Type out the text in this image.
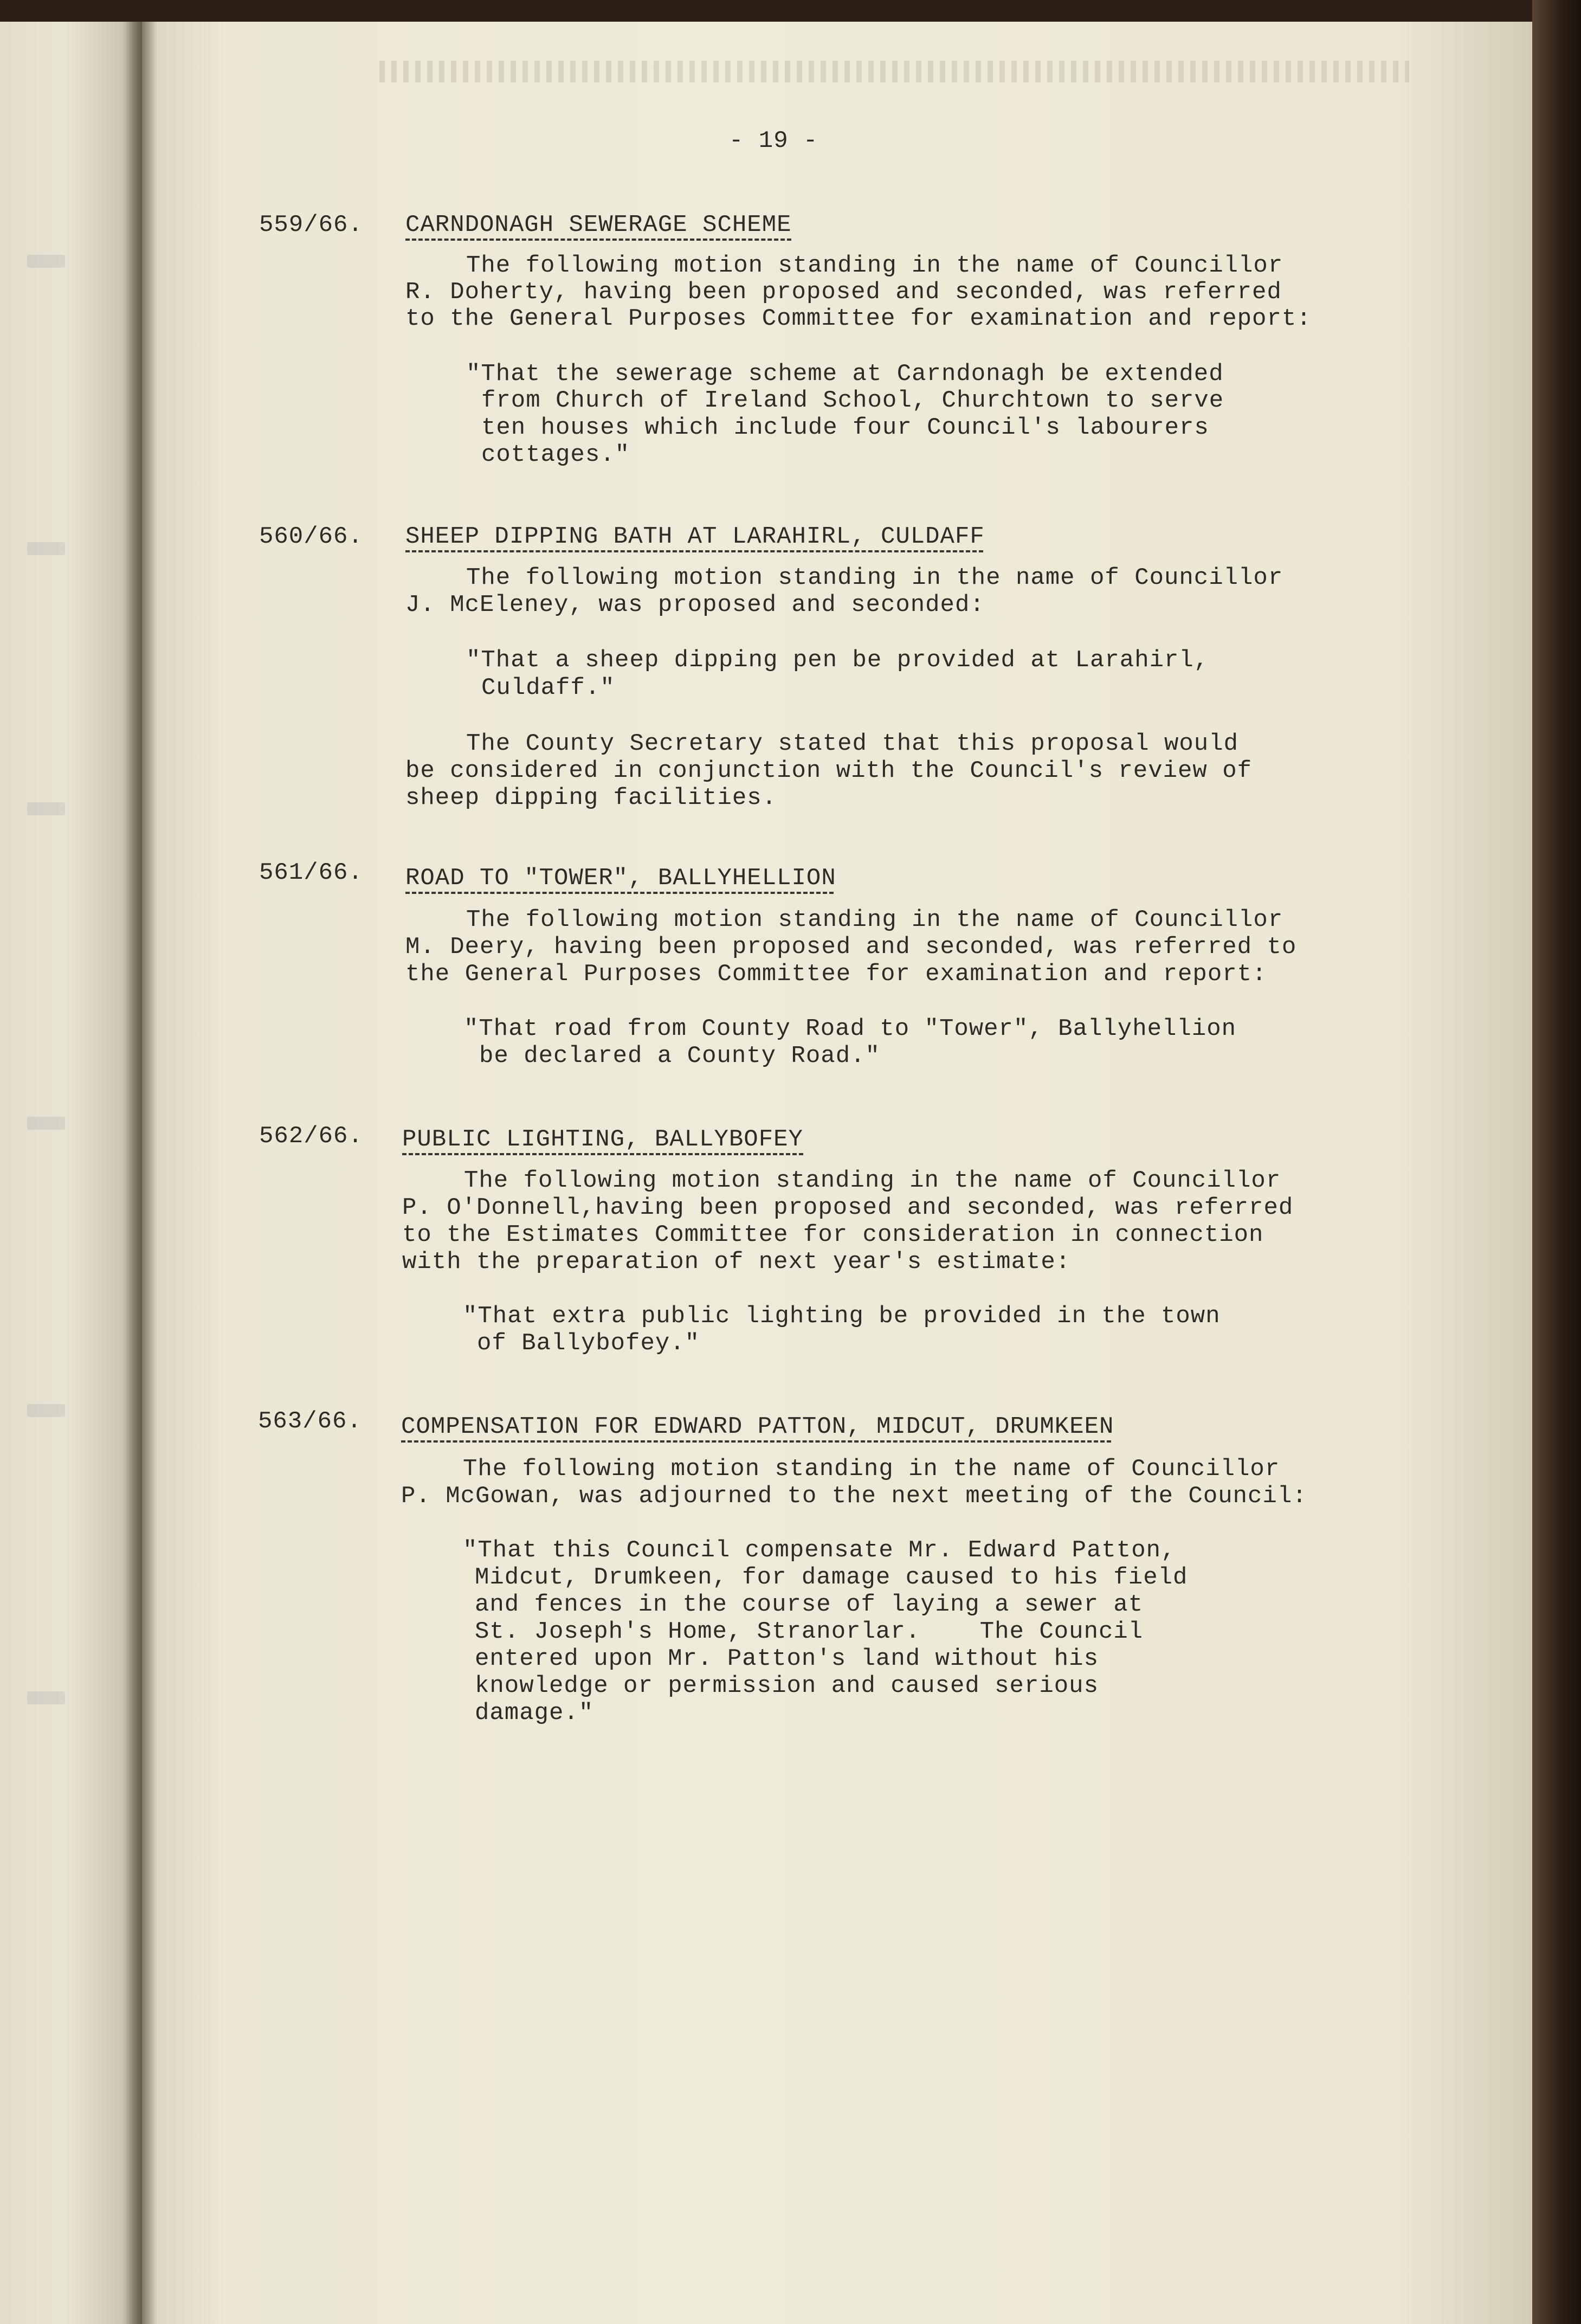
- 19 -
559/66. CARNDONAGH SEWERAGE SCHEME
The following motion standing in the name of Councillor
R. Doherty, having been proposed and seconded, was referred
to the General Purposes Committee for examination and report:
"That the sewerage scheme at Carndonagh be extended
from Church of Ireland School, Churchtown to serve
ten houses which include four Council's labourers
cottages."
560/66. SHEEP DIPPING BATH AT LARAHIRL, CULDAFF
The following motion standing in the name of Councillor
J. McEleney, was proposed and seconded:
"That a sheep dipping pen be provided at Larahirl,
Culdaff."
The County Secretary stated that this proposal would
be considered in conjunction with the Council's review of
sheep dipping facilities.
561/66. ROAD TO "TOWER", BALLYHELLION
The following motion standing in the name of Councillor
M. Deery, having been proposed and seconded, was referred to
the General Purposes Committee for examination and report:
"That road from County Road to "Tower", Ballyhellion
be declared a County Road."
562/66. PUBLIC LIGHTING, BALLYBOFEY
The following motion standing in the name of Councillor
P. O'Donnell,having been proposed and seconded, was referred
to the Estimates Committee for consideration in connection
with the preparation of next year's estimate:
"That extra public lighting be provided in the town
of Ballybofey."
563/66. COMPENSATION FOR EDWARD PATTON, MIDCUT, DRUMKEEN
The following motion standing in the name of Councillor
P. McGowan, was adjourned to the next meeting of the Council:
"That this Council compensate Mr. Edward Patton,
Midcut, Drumkeen, for damage caused to his field
and fences in the course of laying a sewer at
St. Joseph's Home, Stranorlar.    The Council
entered upon Mr. Patton's land without his
knowledge or permission and caused serious
damage."
